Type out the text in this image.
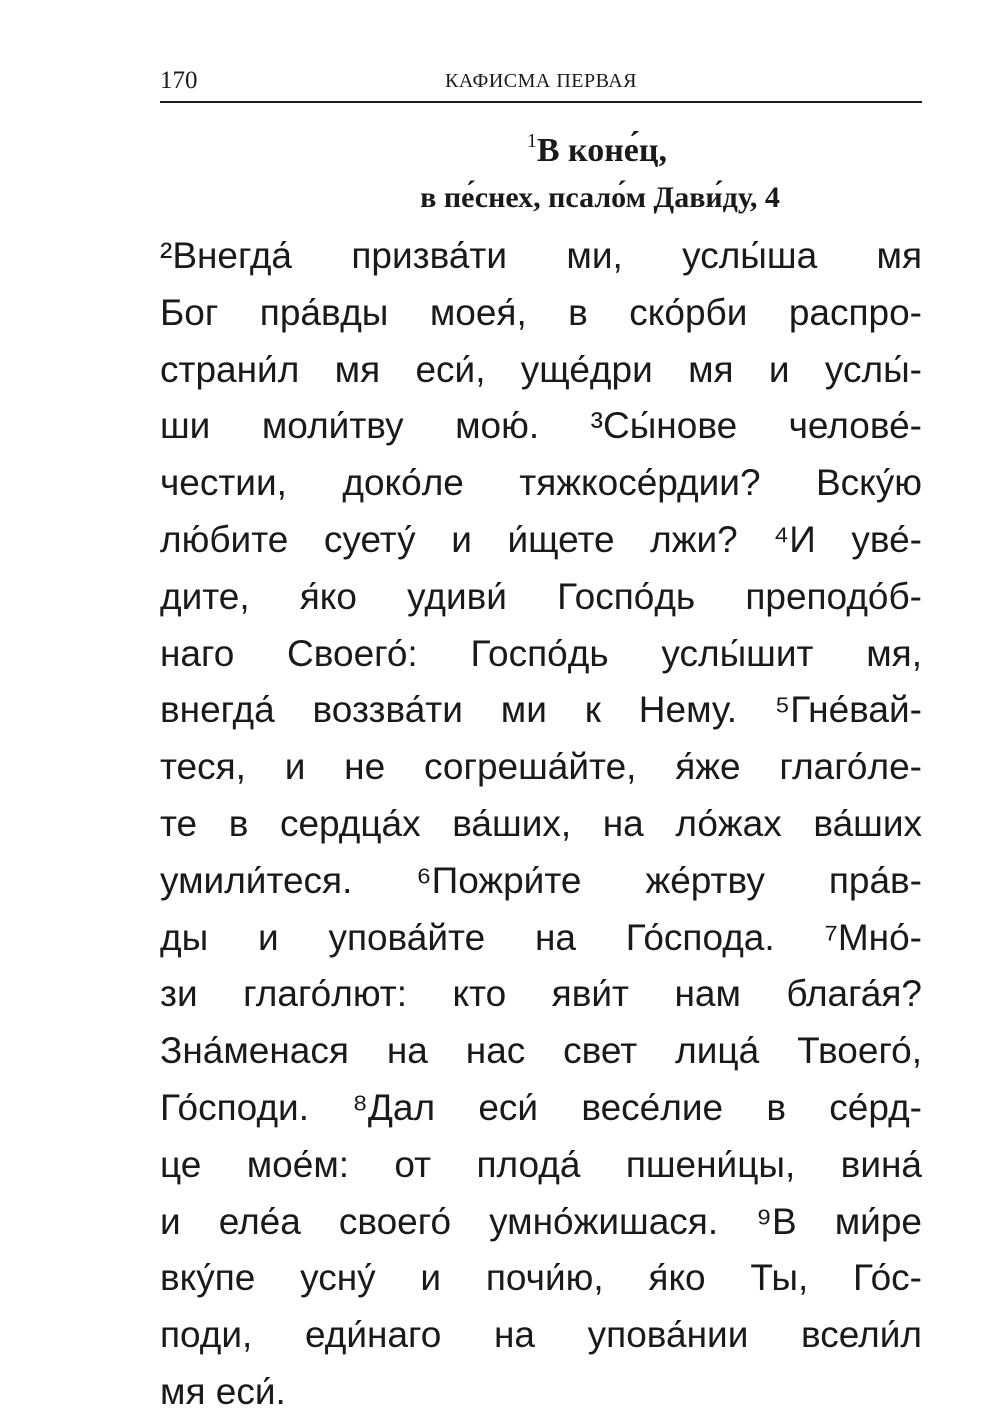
170	КАФИСМА ПЕРВАЯ
$^1$В коне́ц,
в пе́снех, псало́м Дави́ду, 4
²Внегда́ призва́ти ми, услы́ша мя
Бог пра́вды моея́, в ско́рби распро-
страни́л мя еси́, уще́дри мя и услы́-
ши моли́тву мою́. ³Сы́нове челове́-
честии, доко́ле тяжкосе́рдии? Вску́ю
лю́бите суету́ и и́щете лжи? ⁴И уве́-
дите, я́ко удиви́ Госпо́дь преподо́б-
наго Своего́: Госпо́дь услы́шит мя,
внегда́ воззва́ти ми к Нему. ⁵Гне́вай-
теся, и не согреша́йте, я́же глаго́ле-
те в сердца́х ва́ших, на ло́жах ва́ших
умили́теся. ⁶Пожри́те же́ртву пра́в-
ды и упова́йте на Го́спода. ⁷Мно́-
зи глаго́лют: кто яви́т нам блага́я?
Зна́менася на нас свет лица́ Твоего́,
Го́споди. ⁸Дал еси́ весе́лие в се́рд-
це мое́м: от плода́ пшени́цы, вина́
и еле́а своего́ умно́жишася. ⁹В ми́ре
вку́пе усну́ и почи́ю, я́ко Ты, Го́с-
поди, еди́наго на упова́нии всели́л
мя еси́.
